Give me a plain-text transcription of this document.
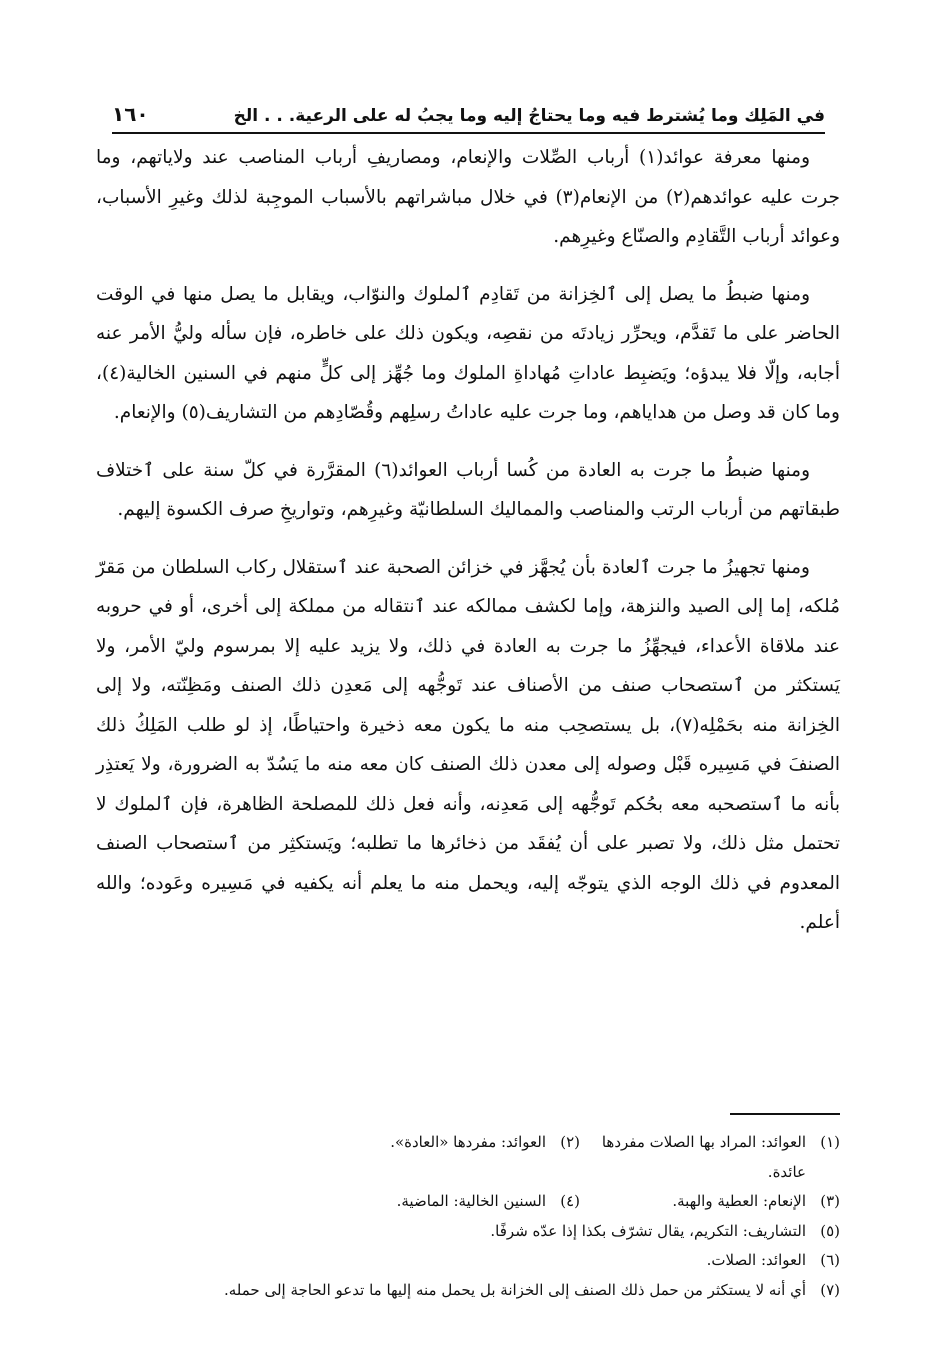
في المَلِك وما يُشترط فيه وما يحتاجُ إليه وما يجبُ له على الرعية. . . الخ
١٦٠

ومنها معرفة عوائد(١) أرباب الصِّلات والإنعام، ومصاريفِ أرباب المناصب عند ولاياتهم، وما جرت عليه عوائدهم(٢) من الإنعام(٣) في خلال مباشراتهم بالأسباب الموجِبة لذلك وغيرِ الأسباب، وعوائد أرباب التَّقادِم والصنّاع وغيرِهم.

ومنها ضبطُ ما يصل إلى ٱلخِزانة من تَقادِم ٱلملوك والنوّاب، ويقابل ما يصل منها في الوقت الحاضر على ما تَقدَّم، ويحرِّر زيادتَه من نقصِه، ويكون ذلك على خاطره، فإن سأله وليُّ الأمر عنه أجابه، وإلّا فلا يبدؤه؛ ويَضبِط عاداتِ مُهاداةِ الملوك وما جُهِّز إلى كلٍّ منهم في السنين الخالية(٤)، وما كان قد وصل من هداياهم، وما جرت عليه عاداتُ رسلِهم وقُصّادِهم من التشاريف(٥) والإنعام.

ومنها ضبطُ ما جرت به العادة من كُسا أرباب العوائد(٦) المقرَّرة في كلّ سنة على ٱختلاف طبقاتهم من أرباب الرتب والمناصب والمماليك السلطانيّة وغيرِهم، وتواريخِ صرف الكسوة إليهم.

ومنها تجهيزُ ما جرت ٱلعادة بأن يُجهَّز في خزائن الصحبة عند ٱستقلال ركاب السلطان من مَقرّ مُلكه، إما إلى الصيد والنزهة، وإما لكشف ممالكه عند ٱنتقاله من مملكة إلى أخرى، أو في حروبه عند ملاقاة الأعداء، فيجهِّزُ ما جرت به العادة في ذلك، ولا يزيد عليه إلا بمرسوم وليّ الأمر، ولا يَستكثر من ٱستصحاب صنف من الأصناف عند تَوجُّهه إلى مَعدِن ذلك الصنف ومَظِنّته، ولا إلى الخِزانة منه بحَمْلِه(٧)، بل يستصحِب منه ما يكون معه ذخيرة واحتياطًا، إذ لو طلب المَلِكُ ذلك الصنفَ في مَسِيره قَبْل وصوله إلى معدن ذلك الصنف كان معه منه ما يَسُدّ به الضرورة، ولا يَعتذِر بأنه ما ٱستصحبه معه بحُكم تَوجُّهه إلى مَعدِنه، وأنه فعل ذلك للمصلحة الظاهرة، فإن ٱلملوك لا تحتمل مثل ذلك، ولا تصبر على أن يُفقَد من ذخائرها ما تطلبه؛ ويَستكثِر من ٱستصحاب الصنف المعدوم في ذلك الوجه الذي يتوجّه إليه، ويحمل منه ما يعلم أنه يكفيه في مَسِيره وعَوده؛ والله أعلم.

(١)
العوائد: المراد بها الصلات مفردها عائدة.
(٢)
العوائد: مفردها «العادة».
(٣)
الإنعام: العطية والهبة.
(٤)
السنين الخالية: الماضية.
(٥)
التشاريف: التكريم، يقال تشرّف بكذا إذا عدّه شرفًا.
(٦)
العوائد: الصلات.
(٧)
أي أنه لا يستكثر من حمل ذلك الصنف إلى الخزانة بل يحمل منه إليها ما تدعو الحاجة إلى حمله.
